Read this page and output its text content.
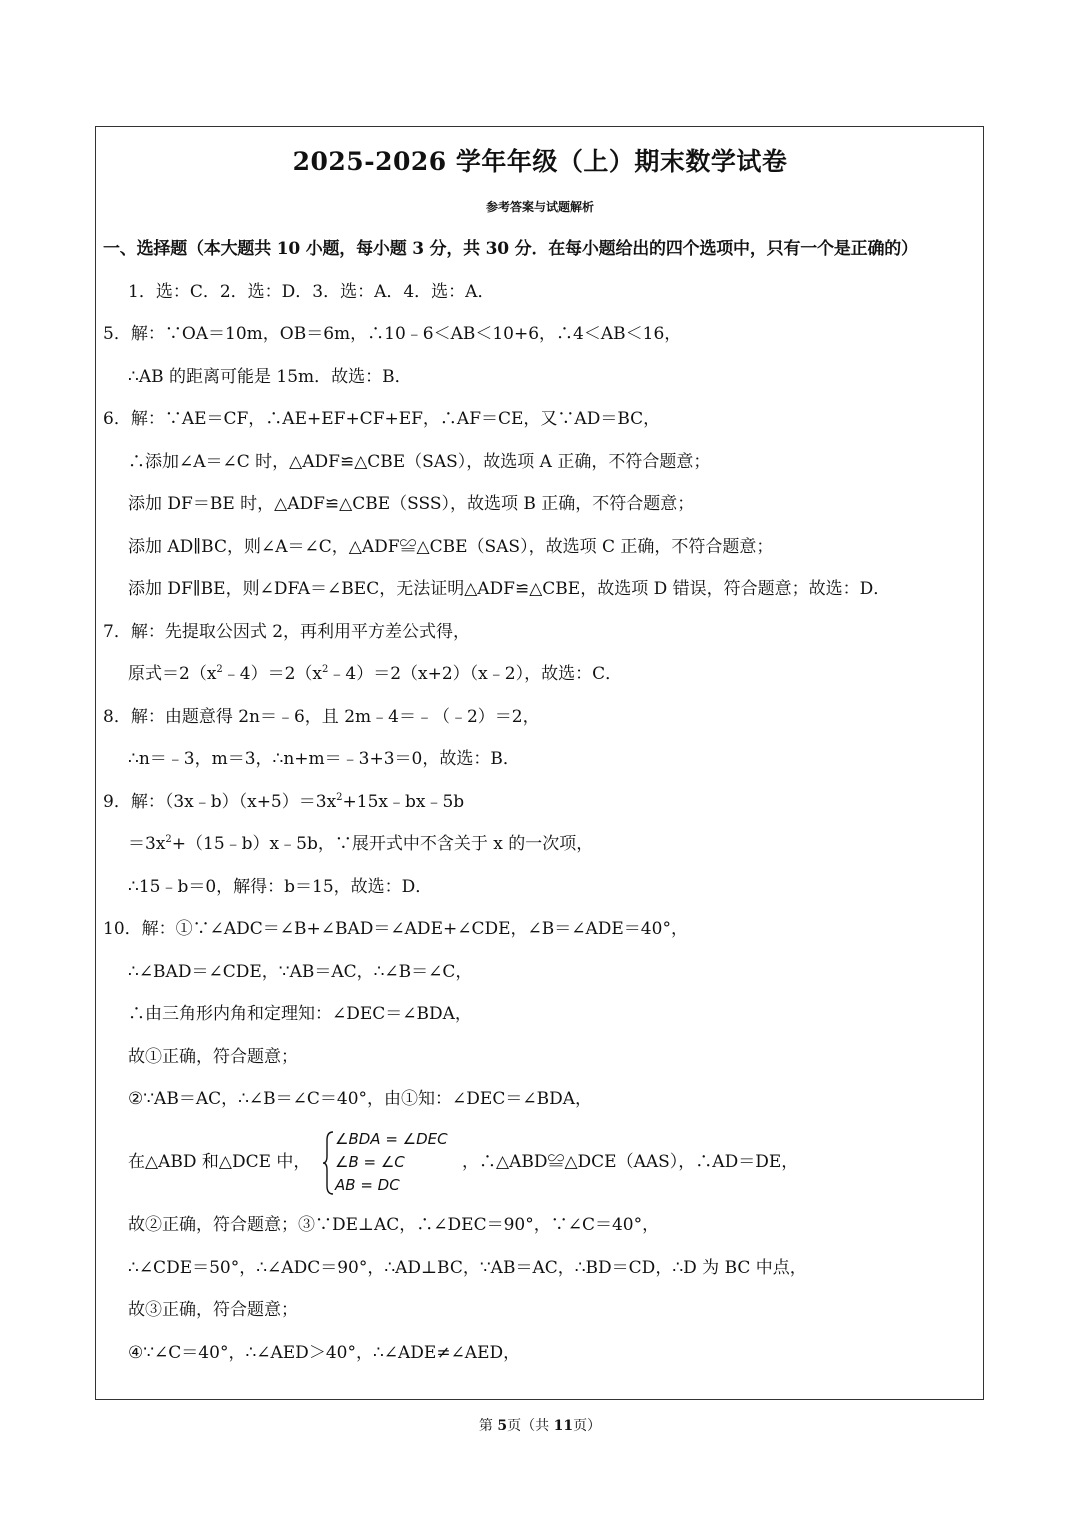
2025-2026 学年年级（上）期末数学试卷
参考答案与试题解析
一、选择题（本大题共 10 小题，每小题 3 分，共 30 分．在每小题给出的四个选项中，只有一个是正确的）
1．选：C．2．选：D．3．选：A．4．选：A．
5．解：∵OA＝10m，OB＝6m，∴10﹣6＜AB＜10+6，∴4＜AB＜16，
∴AB 的距离可能是 15m．故选：B．
6．解：∵AE＝CF，∴AE+EF+CF+EF，∴AF＝CE，又∵AD＝BC，
∴添加∠A＝∠C 时，△ADF≌△CBE（SAS），故选项 A 正确，不符合题意；
添加 DF＝BE 时，△ADF≌△CBE（SSS），故选项 B 正确，不符合题意；
添加 AD∥BC，则∠A＝∠C，△ADF≌△CBE（SAS），故选项 C 正确，不符合题意；
添加 DF∥BE，则∠DFA＝∠BEC，无法证明△ADF≌△CBE，故选项 D 错误，符合题意；故选：D．
7．解：先提取公因式 2，再利用平方差公式得，
原式$=2(x^2﹣4)=2(x^2﹣4)=2(x+2)(x﹣2)$，故选：C．
8．解：由题意得 2n＝﹣6，且 2m﹣4＝﹣（﹣2）＝2，
∴n＝﹣3，m＝3，∴n+m＝﹣3+3＝0，故选：B．
9．解：$(3x﹣b)(x+5)=3x^2+15x﹣bx﹣5b$
$=3x^2+(15﹣b)x﹣5b$，∵展开式中不含关于 x 的一次项，
∴15﹣b＝0，解得：b＝15，故选：D．
10．解：①∵∠ADC＝∠B+∠BAD＝∠ADE+∠CDE，∠B＝∠ADE＝40°，
∴∠BAD＝∠CDE，∵AB＝AC，∴∠B＝∠C，
∴由三角形内角和定理知：∠DEC＝∠BDA，
故①正确，符合题意；
②∵AB＝AC，∴∠B＝∠C＝40°，由①知：∠DEC＝∠BDA，
在△ABD 和△DCE 中，
∠BDA = ∠DEC
∠B = ∠C
AB = DC
，∴△ABD≌△DCE（AAS），∴AD＝DE，
故②正确，符合题意；③∵DE⊥AC，∴∠DEC＝90°，∵∠C＝40°，
∴∠CDE＝50°，∴∠ADC＝90°，∴AD⊥BC，∵AB＝AC，∴BD＝CD，∴D 为 BC 中点，
故③正确，符合题意；
④∵∠C＝40°，∴∠AED＞40°，∴∠ADE≠∠AED，
第 5页（共 11页）
